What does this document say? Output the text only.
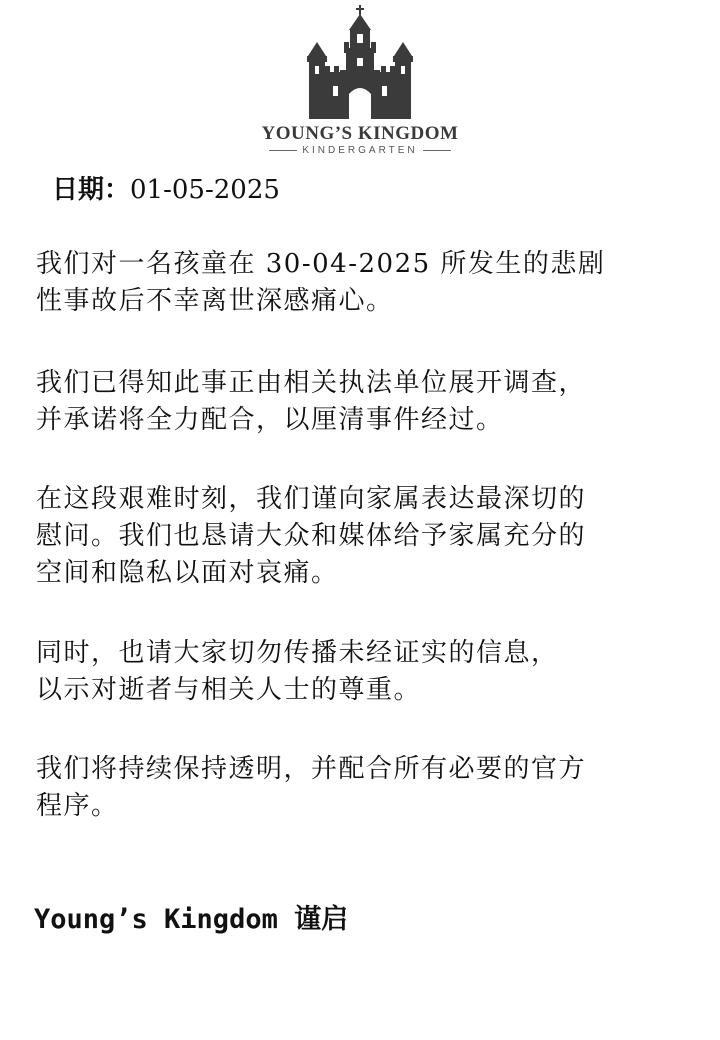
YOUNG’S KINGDOM
KINDERGARTEN
日期：01-05-2025
我们对一名孩童在 30-04-2025 所发生的悲剧
性事故后不幸离世深感痛心。
我们已得知此事正由相关执法单位展开调查，
并承诺将全力配合，以厘清事件经过。
在这段艰难时刻，我们谨向家属表达最深切的
慰问。我们也恳请大众和媒体给予家属充分的
空间和隐私以面对哀痛。
同时，也请大家切勿传播未经证实的信息，
以示对逝者与相关人士的尊重。
我们将持续保持透明，并配合所有必要的官方
程序。
Young’s Kingdom 谨启
